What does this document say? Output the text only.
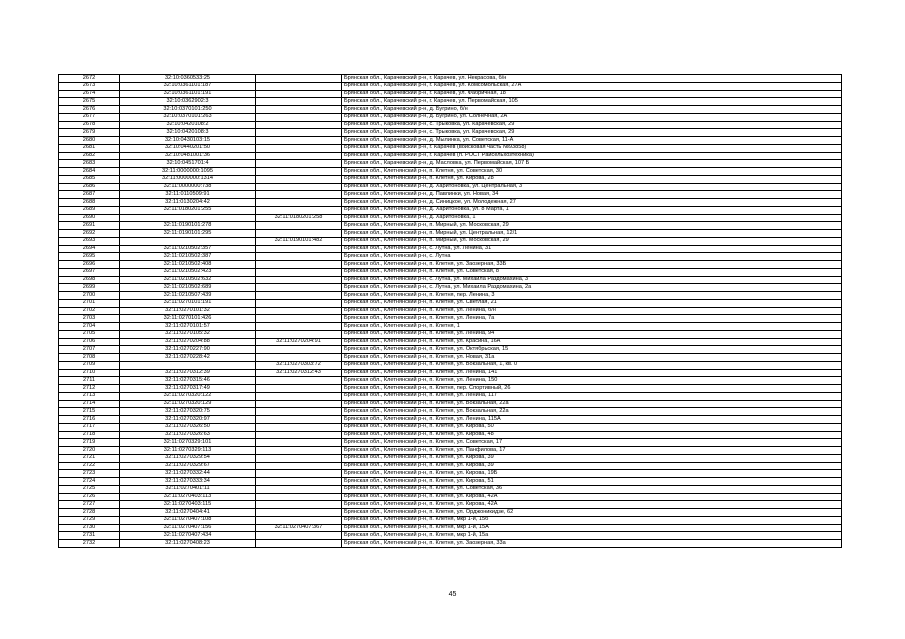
2672	32:10:0360533:25		Брянская обл., Карачевский р-н, г. Карачев, ул. Некрасова, б/н
2673	32:10:0361101:187		Брянская обл., Карачевский р-н, г. Карачев, ул. Комсомольская, 27А
2674	32:10:0361101:191		Брянская обл., Карачевский р-н, г. Карачев, ул. Фабричная, 18
2675	32:10:0362902:3		Брянская обл., Карачевский р-н, г. Карачев, ул. Первомайская, 105
2676	32:10:0370101:250		Брянская обл., Карачевский р-н, д. Бугрино, б/н
2677	32:10:0370101:263		Брянская обл., Карачевский р-н, д. Бугрино, ул. Солнечная, 2А
2678	32:10:0420108:2		Брянская обл., Карачевский р-н, с. Трыковка, ул. Карачевская, 29
2679	32:10:0420108:3		Брянская обл., Карачевский р-н, с. Трыковка, ул. Карачевская, 29
2680	32:10:0430103:15		Брянская обл., Карачевский р-н, д. Мылинка, ул. Советская, 11-А
2681	32:10:0440201:50		Брянская обл., Карачевский р-н, г. Карачев (войсковая часть №93858)
2682	32:10:0481001:36		Брянская обл., Карачевский р-н, г. Карачев (п. РОСТ Райсельхозтехника)
2683	32:10:0451701:4		Брянская обл., Карачевский р-н, д. Масловка, ул. Первомайская, 107 Б
2684	32:11:0000000:1095		Брянская обл., Клетнянский р-н, п. Клетня, ул. Советская, 30
2685	32:11:0000000:1314		Брянская обл., Клетнянский р-н, п. Клетня, ул. Кирова, 28
2686	32:11:0000000:738		Брянская обл., Клетнянский р-н, д. Харитоновка, ул. Центральная, 3
2687	32:11:0110509:91		Брянская обл., Клетнянский р-н, д. Павлинки, ул. Новая, 34
2688	32:11:0130204:42		Брянская обл., Клетнянский р-н, д. Синицкое, ул. Молодежная, 27
2689	32:11:0180201:255		Брянская обл., Клетнянский р-н, д. Харитоновка, ул. 8 Марта, 1
2690		32:11:0180201:258	Брянская обл., Клетнянский р-н, д. Харитоновка, 1
2691	32:11:0190101:278		Брянская обл., Клетнянский р-н, п. Мирный, ул. Московская, 29
2692	32:11:0190101:295		Брянская обл., Клетнянский р-н, п. Мирный, ул. Центральная, 12/1
2693		32:11:0190101:482	Брянская обл., Клетнянский р-н, п. Мирный, ул. Московская, 29
2694	32:11:0210502:357		Брянская обл., Клетнянский р-н, с. Лутна, ул. Ленина, 31
2695	32:11:0210502:387		Брянская обл., Клетнянский р-н, с. Лутна
2696	32:11:0210502:408		Брянская обл., Клетнянский р-н, п. Клетня, ул. Заозерная, 33Б
2697	32:11:0210502:423		Брянская обл., Клетнянский р-н, п. Клетня, ул. Советская, 8
2698	32:11:0210502:632		Брянская обл., Клетнянский р-н, с. Лутна, ул. Михаила Раздомахина, 3
2699	32:11:0210502:689		Брянская обл., Клетнянский р-н, с. Лутна, ул. Михаила Раздомахина, 2а
2700	32:11:0210507:439		Брянская обл., Клетнянский р-н, п. Клетня, пер. Ленина, 3
2701	32:11:0270101:191		Брянская обл., Клетнянский р-н, п. Клетня, ул. Светлая, 21
2702	32:11:0270101:32		Брянская обл., Клетнянский р-н, п. Клетня, ул. Ленина, б/н
2703	32:11:0270101:426		Брянская обл., Клетнянский р-н, п. Клетня, ул. Ленина, 7а
2704	32:11:0270101:57		Брянская обл., Клетнянский р-н, п. Клетня, 1
2705	32:11:0270105:32		Брянская обл., Клетнянский р-н, п. Клетня, ул. Ленина, 94
2706	32:11:0270204:88	32:11:0270204:91	Брянская обл., Клетнянский р-н, п. Клетня, ул. Красина, 16А
2707	32:11:0270227:90		Брянская обл., Клетнянский р-н, п. Клетня, ул. Октябрьская, 15
2708	32:11:0270228:42		Брянская обл., Клетнянский р-н, п. Клетня, ул. Новая, 31а
2709		32:11:0270303:72	Брянская обл., Клетнянский р-н, п. Клетня, ул. Вокзальная, 1, кв. 0
2710	32:11:0270312:39	32:11:0270312:43	Брянская обл., Клетнянский р-н, п. Клетня, ул. Ленина, 141
2711	32:11:0270315:46		Брянская обл., Клетнянский р-н, п. Клетня, ул. Ленина, 150
2712	32:11:0270317:49		Брянская обл., Клетнянский р-н, п. Клетня, пер. Спортивный, 26
2713	32:11:0270320:122		Брянская обл., Клетнянский р-н, п. Клетня, ул. Ленина, 117
2714	32:11:0270320:129		Брянская обл., Клетнянский р-н, п. Клетня, ул. Вокзальная, 22а
2715	32:11:0270320:75		Брянская обл., Клетнянский р-н, п. Клетня, ул. Вокзальная, 22а
2716	32:11:0270320:97		Брянская обл., Клетнянский р-н, п. Клетня, ул. Ленина, 115А
2717	32:11:0270326:50		Брянская обл., Клетнянский р-н, п. Клетня, ул. Кирова, 50
2718	32:11:0270326:63		Брянская обл., Клетнянский р-н, п. Клетня, ул. Кирова, 48
2719	32:11:0270329:101		Брянская обл., Клетнянский р-н, п. Клетня, ул. Советская, 17
2720	32:11:0270329:113		Брянская обл., Клетнянский р-н, п. Клетня, ул. Панфилова, 17
2721	32:11:0270329:54		Брянская обл., Клетнянский р-н, п. Клетня, ул. Кирова, 39
2722	32:11:0270329:67		Брянская обл., Клетнянский р-н, п. Клетня, ул. Кирова, 39
2723	32:11:0270332:44		Брянская обл., Клетнянский р-н, п. Клетня, ул. Кирова, 19Б
2724	32:11:0270333:34		Брянская обл., Клетнянский р-н, п. Клетня, ул. Кирова, 51
2725	32:11:0270401:11		Брянская обл., Клетнянский р-н, п. Клетня, ул. Советская, 36
2726	32:11:0270403:113		Брянская обл., Клетнянский р-н, п. Клетня, ул. Кирова, 42А
2727	32:11:0270403:115		Брянская обл., Клетнянский р-н, п. Клетня, ул. Кирова, 42А
2728	32:11:0270404:41		Брянская обл., Клетнянский р-н, п. Клетня, ул. Орджоникидзе, 62
2729	32:11:0270407:108		Брянская обл., Клетнянский р-н, п. Клетня, мкр 1-й, 15б
2730	32:11:0270407:156	32:11:0270407:367	Брянская обл., Клетнянский р-н, п. Клетня, мкр 1-й, 15А
2731	32:11:0270407:434		Брянская обл., Клетнянский р-н, п. Клетня, мкр 1-й, 15а
2732	32:11:0270408:23		Брянская обл., Клетнянский р-н, п. Клетня, ул. Заозерная, 33а
45
